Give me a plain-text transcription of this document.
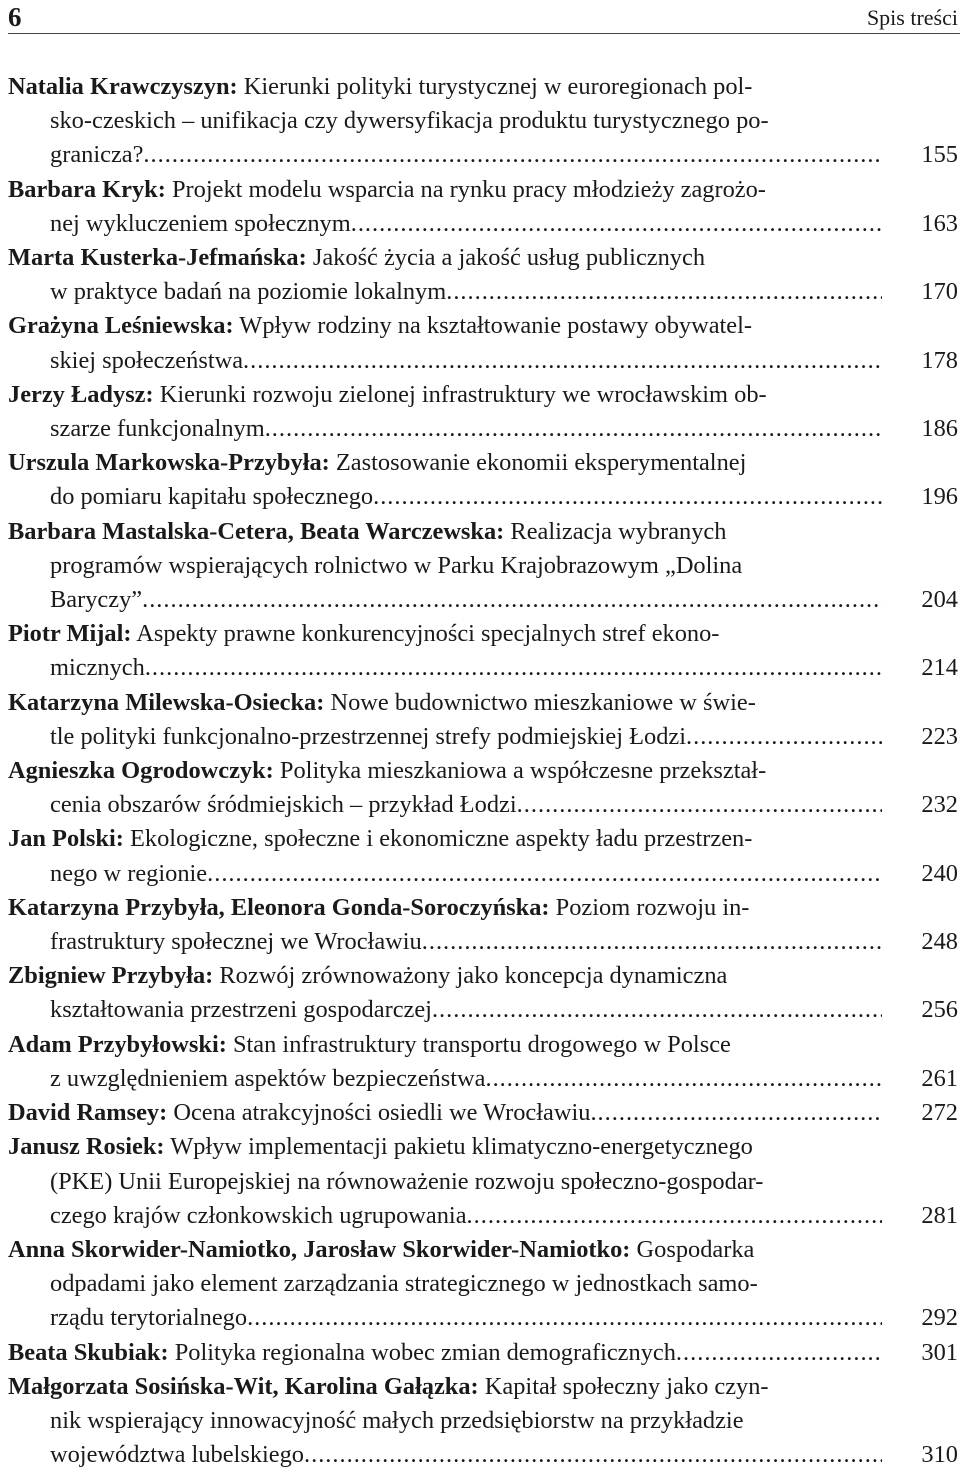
6	Spis treści
Natalia Krawczyszyn: Kierunki polityki turystycznej w euroregionach pol-
sko-czeskich – unifikacja czy dywersyfikacja produktu turystycznego po-
granicza? .....	155
Barbara Kryk: Projekt modelu wsparcia na rynku pracy młodzieży zagrożo-
nej wykluczeniem społecznym .....	163
Marta Kusterka-Jefmańska: Jakość życia a jakość usług publicznych
w praktyce badań na poziomie lokalnym .....	170
Grażyna Leśniewska: Wpływ rodziny na kształtowanie postawy obywatel-
skiej społeczeństwa .....	178
Jerzy Ładysz: Kierunki rozwoju zielonej infrastruktury we wrocławskim ob-
szarze funkcjonalnym .....	186
Urszula Markowska-Przybyła: Zastosowanie ekonomii eksperymentalnej
do pomiaru kapitału społecznego .....	196
Barbara Mastalska-Cetera, Beata Warczewska: Realizacja wybranych
programów wspierających rolnictwo w Parku Krajobrazowym „Dolina
Baryczy” .....	204
Piotr Mijal: Aspekty prawne konkurencyjności specjalnych stref ekono-
micznych .....	214
Katarzyna Milewska-Osiecka: Nowe budownictwo mieszkaniowe w świe-
tle polityki funkcjonalno-przestrzennej strefy podmiejskiej Łodzi .....	223
Agnieszka Ogrodowczyk: Polityka mieszkaniowa a współczesne przekształ-
cenia obszarów śródmiejskich – przykład Łodzi .....	232
Jan Polski: Ekologiczne, społeczne i ekonomiczne aspekty ładu przestrzen-
nego w regionie .....	240
Katarzyna Przybyła, Eleonora Gonda-Soroczyńska: Poziom rozwoju in-
frastruktury społecznej we Wrocławiu .....	248
Zbigniew Przybyła: Rozwój zrównoważony jako koncepcja dynamiczna
kształtowania przestrzeni gospodarczej .....	256
Adam Przybyłowski: Stan infrastruktury transportu drogowego w Polsce
z uwzględnieniem aspektów bezpieczeństwa .....	261
David Ramsey: Ocena atrakcyjności osiedli we Wrocławiu .....	272
Janusz Rosiek: Wpływ implementacji pakietu klimatyczno-energetycznego
(PKE) Unii Europejskiej na równoważenie rozwoju społeczno-gospodar-
czego krajów członkowskich ugrupowania .....	281
Anna Skorwider-Namiotko, Jarosław Skorwider-Namiotko: Gospodarka
odpadami jako element zarządzania strategicznego w jednostkach samo-
rządu terytorialnego .....	292
Beata Skubiak: Polityka regionalna wobec zmian demograficznych .....	301
Małgorzata Sosińska-Wit, Karolina Gałązka: Kapitał społeczny jako czyn-
nik wspierający innowacyjność małych przedsiębiorstw na przykładzie
województwa lubelskiego .....	310
